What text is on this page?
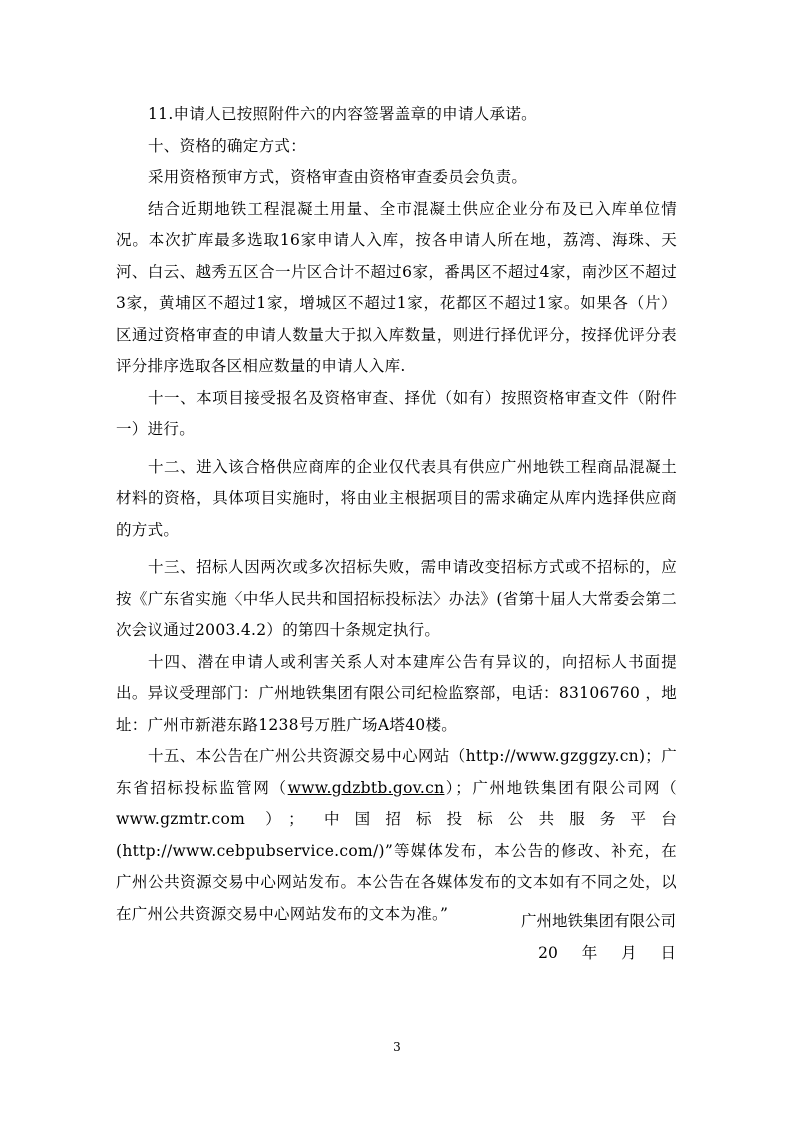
11.申请人已按照附件六的内容签署盖章的申请人承诺。

十、资格的确定方式：

采用资格预审方式，资格审查由资格审查委员会负责。

结合近期地铁工程混凝土用量、全市混凝土供应企业分布及已入库单位情况。本次扩库最多选取16家申请人入库，按各申请人所在地，荔湾、海珠、天河、白云、越秀五区合一片区合计不超过6家，番禺区不超过4家，南沙区不超过3家，黄埔区不超过1家，增城区不超过1家，花都区不超过1家。如果各（片）区通过资格审查的申请人数量大于拟入库数量，则进行择优评分，按择优评分表评分排序选取各区相应数量的申请人入库.

十一、本项目接受报名及资格审查、择优（如有）按照资格审查文件（附件一）进行。

十二、进入该合格供应商库的企业仅代表具有供应广州地铁工程商品混凝土材料的资格，具体项目实施时，将由业主根据项目的需求确定从库内选择供应商的方式。

十三、招标人因两次或多次招标失败，需申请改变招标方式或不招标的，应按《广东省实施〈中华人民共和国招标投标法〉办法》(省第十届人大常委会第二次会议通过2003.4.2）的第四十条规定执行。

十四、潜在申请人或利害关系人对本建库公告有异议的，向招标人书面提出。异议受理部门：广州地铁集团有限公司纪检监察部，电话：83106760 ，地址：广州市新港东路1238号万胜广场A塔40楼。

十五、本公告在广州公共资源交易中心网站（http://www.gzggzy.cn)；广东省招标投标监管网（www.gdzbtb.gov.cn）；广州地铁集团有限公司网（ www.gzmtr.com ）； 中国招标投标公共服务平台(http://www.cebpubservice.com/)”等媒体发布，本公告的修改、补充，在广州公共资源交易中心网站发布。本公告在各媒体发布的文本如有不同之处，以在广州公共资源交易中心网站发布的文本为准。”	广州地铁集团有限公司
20 年 月 日
3
